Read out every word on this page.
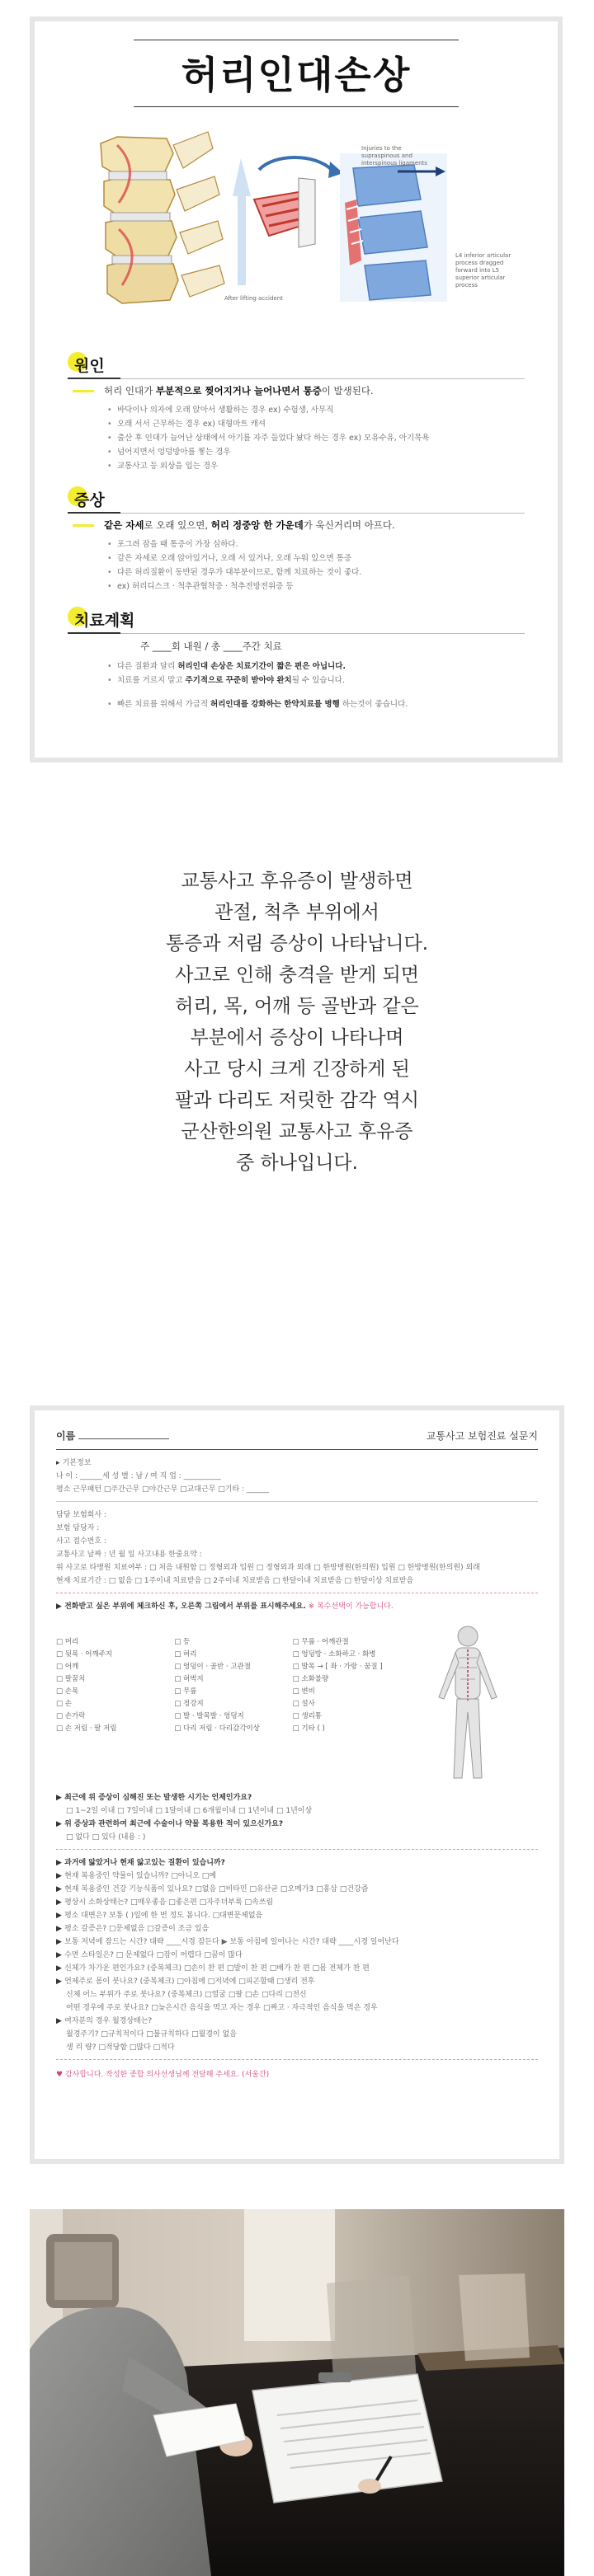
허리인대손상
Injuries to the supraspinous and interspinous ligaments
After lifting accident
L4 inferior articular process dragged forward into L5 superior articular process
원인
허리 인대가 부분적으로 찢어지거나 늘어나면서 통증이 발생된다.
• 바닥이나 의자에 오래 앉아서 생활하는 경우 ex) 수험생, 사무직
• 오래 서서 근무하는 경우 ex) 대형마트 캐셔
• 출산 후 인대가 늘어난 상태에서 아기를 자주 들었다 놨다 하는 경우 ex) 모유수유, 아기목욕
• 넘어지면서 엉덩방아를 찧는 경우
• 교통사고 등 외상을 입는 경우
증상
같은 자세로 오래 있으면, 허리 정중앙 한 가운데가 욱신거리며 아프다.
• 포그려 잠을 때 통증이 가장 심하다.
• 같은 자세로 오래 앉아있거나, 오래 서 있거나, 오래 누워 있으면 통증
• 다른 허리질환이 동반된 경우가 대부분이므로, 함께 치료하는 것이 좋다.
• ex) 허리디스크 · 척추관협착증 · 척추전방전위증 등
치료계획
주 ____회 내원 / 총 ____주간 치료
• 다른 질환과 달리 허리인대 손상은 치료기간이 짧은 편은 아닙니다.
• 치료를 거르지 말고 주기적으로 꾸준히 받아야 완치될 수 있습니다.
• 빠른 치료를 위해서 가급적 허리인대를 강화하는 한약치료를 병행 하는것이 좋습니다.
교통사고 후유증이 발생하면
관절, 척추 부위에서
통증과 저림 증상이 나타납니다.
사고로 인해 충격을 받게 되면
허리, 목, 어깨 등 골반과 같은
부분에서 증상이 나타나며
사고 당시 크게 긴장하게 된
팔과 다리도 저릿한 감각 역시
군산한의원 교통사고 후유증
중 하나입니다.
이름	교통사고 보험진료 설문지
▸ 기본정보
나 이 : ______세 성 별 : 남 / 여 직 업 : __________
평소 근무패턴 □주간근무 □야간근무 □교대근무 □기타 : ______
담당 보험회사 :
보험 담당자 :
사고 접수번호 :
교통사고 날짜 : 년 월 일 사고내용 한줄요약 :
위 사고로 타병원 치료여부 : □ 처음 내원함 □ 정형외과 입원 □ 정형외과 외래 □ 한방병원(한의원) 입원 □ 한방병원(한의원) 외래
현재 치료기간 : □ 없음 □ 1주이내 치료받음 □ 2주이내 치료받음 □ 한달이내 치료받음 □ 한달이상 치료받음
▶ 전화받고 싶은 부위에 체크하신 후, 오른쪽 그림에서 부위를 표시해주세요. ※ 복수선택이 가능합니다.
□ 머리	□ 등	□ 무릎 · 어깨관절
□ 뒷목 · 어깨주지	□ 허리	□ 엉덩방 · 소화하고 · 화병
□ 어깨	□ 엉덩이 · 골반 · 고관절	□ 발목 → [ 좌 · 가랑 · 꿈질 ]
□ 팔꿈치	□ 허벅지	□ 소화불량
□ 손목	□ 무릎	□ 변비
□ 손	□ 정강지	□ 설사
□ 손가락	□ 발 · 발목발 · 엉덩지	□ 생리통
□ 손 저림 · 팔 저림	□ 다리 저림 · 다리감각이상	□ 기타 ( )
▶ 최근에 위 증상이 심해진 또는 발생한 시기는 언제인가요?
□ 1~2일 이내 □ 7일이내 □ 1달이내 □ 6개월이내 □ 1년이내 □ 1년이상
▶ 위 증상과 관련하여 최근에 수술이나 약물 복용한 적이 있으신가요?
□ 없다 □ 있다 (내용 : )
▶ 과거에 앓았거나 현재 앓고있는 질환이 있습니까?
▶ 현재 복용중인 약물이 있습니까? □아니오 □예
▶ 현재 복용중인 건강 기능식품이 있나요? □없음 □비타민 □유산균 □오메가3 □홍삼 □건강즙
▶ 평상시 소화상태는? □매우좋음 □좋은편 □자주더부룩 □속쓰림
▶ 평소 대변은? 보통 ( )일에 한 번 정도 봄니다. □대변문제없음
▶ 평소 갈증은? □문제없음 □갈증이 조금 있음
▶ 보통 저녁에 잠드는 시간? 대략 ____시경 잠든다 ▶ 보통 아침에 일어나는 시간? 대략 ____시경 일어난다
▶ 수면 스타일은? □ 문제없다 □잠이 어렵다 □꿈이 많다
▶ 신체가 차가운 편인가요? (중복체크) □손이 찬 편 □발이 찬 편 □배가 찬 편 □몸 전체가 찬 편
▶ 언제주로 몸이 붓나요? (중복체크) □아침에 □저녁에 □피곤할때 □생리 전후
신체 어느 부위가 주로 붓나요? (중복체크) □얼굴 □팔 □손 □다리 □전신
어떤 경우에 주로 붓나요? □늦은시간 음식을 먹고 자는 경우 □짜고 · 자극적인 음식을 먹은 경우
▶ 여자분의 경우 월경상태는?
월경주기? □규칙적이다 □불규칙하다 □월경이 없음
생 리 량? □적당함 □많다 □적다
♥ 감사합니다. 작성한 종합 의사선생님께 전달해 주세요. (서울간)
